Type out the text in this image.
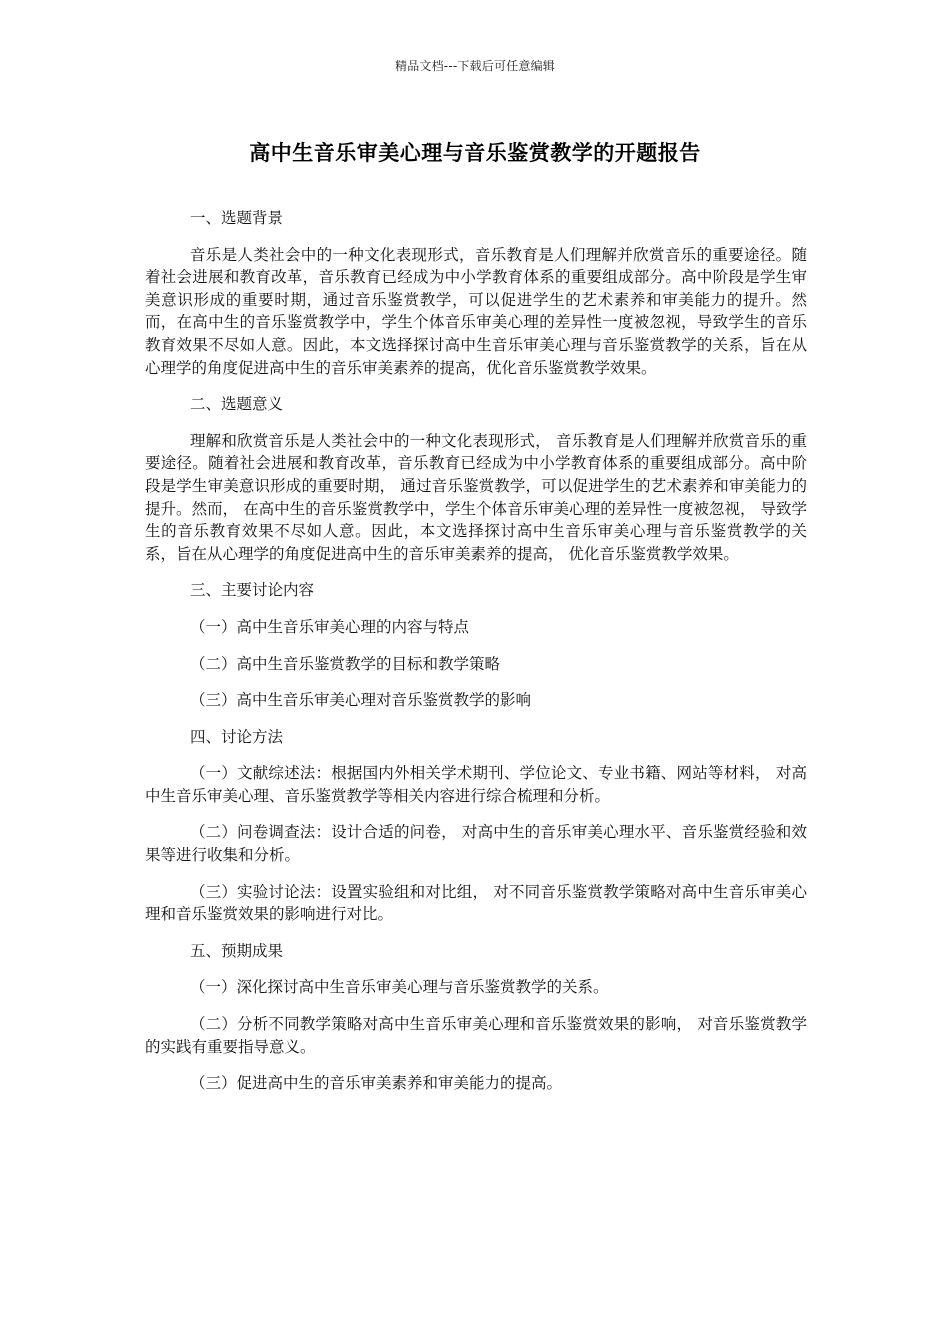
精品文档---下载后可任意编辑
高中生音乐审美心理与音乐鉴赏教学的开题报告

一、选题背景

音乐是人类社会中的一种文化表现形式，音乐教育是人们理解并欣赏音乐的重要途径。随着社会进展和教育改革，音乐教育已经成为中小学教育体系的重要组成部分。高中阶段是学生审美意识形成的重要时期，通过音乐鉴赏教学，可以促进学生的艺术素养和审美能力的提升。然而，在高中生的音乐鉴赏教学中，学生个体音乐审美心理的差异性一度被忽视，导致学生的音乐教育效果不尽如人意。因此，本文选择探讨高中生音乐审美心理与音乐鉴赏教学的关系，旨在从心理学的角度促进高中生的音乐审美素养的提高，优化音乐鉴赏教学效果。

二、选题意义

理解和欣赏音乐是人类社会中的一种文化表现形式， 音乐教育是人们理解并欣赏音乐的重要途径。随着社会进展和教育改革，音乐教育已经成为中小学教育体系的重要组成部分。高中阶段是学生审美意识形成的重要时期， 通过音乐鉴赏教学，可以促进学生的艺术素养和审美能力的提升。然而， 在高中生的音乐鉴赏教学中，学生个体音乐审美心理的差异性一度被忽视， 导致学生的音乐教育效果不尽如人意。因此，本文选择探讨高中生音乐审美心理与音乐鉴赏教学的关系，旨在从心理学的角度促进高中生的音乐审美素养的提高， 优化音乐鉴赏教学效果。

三、主要讨论内容

（一）高中生音乐审美心理的内容与特点

（二）高中生音乐鉴赏教学的目标和教学策略

（三）高中生音乐审美心理对音乐鉴赏教学的影响

四、讨论方法

（一）文献综述法：根据国内外相关学术期刊、学位论文、专业书籍、网站等材料， 对高中生音乐审美心理、音乐鉴赏教学等相关内容进行综合梳理和分析。

（二）问卷调查法：设计合适的问卷， 对高中生的音乐审美心理水平、音乐鉴赏经验和效果等进行收集和分析。

（三）实验讨论法：设置实验组和对比组， 对不同音乐鉴赏教学策略对高中生音乐审美心理和音乐鉴赏效果的影响进行对比。

五、预期成果

（一）深化探讨高中生音乐审美心理与音乐鉴赏教学的关系。

（二）分析不同教学策略对高中生音乐审美心理和音乐鉴赏效果的影响， 对音乐鉴赏教学的实践有重要指导意义。

（三）促进高中生的音乐审美素养和审美能力的提高。
